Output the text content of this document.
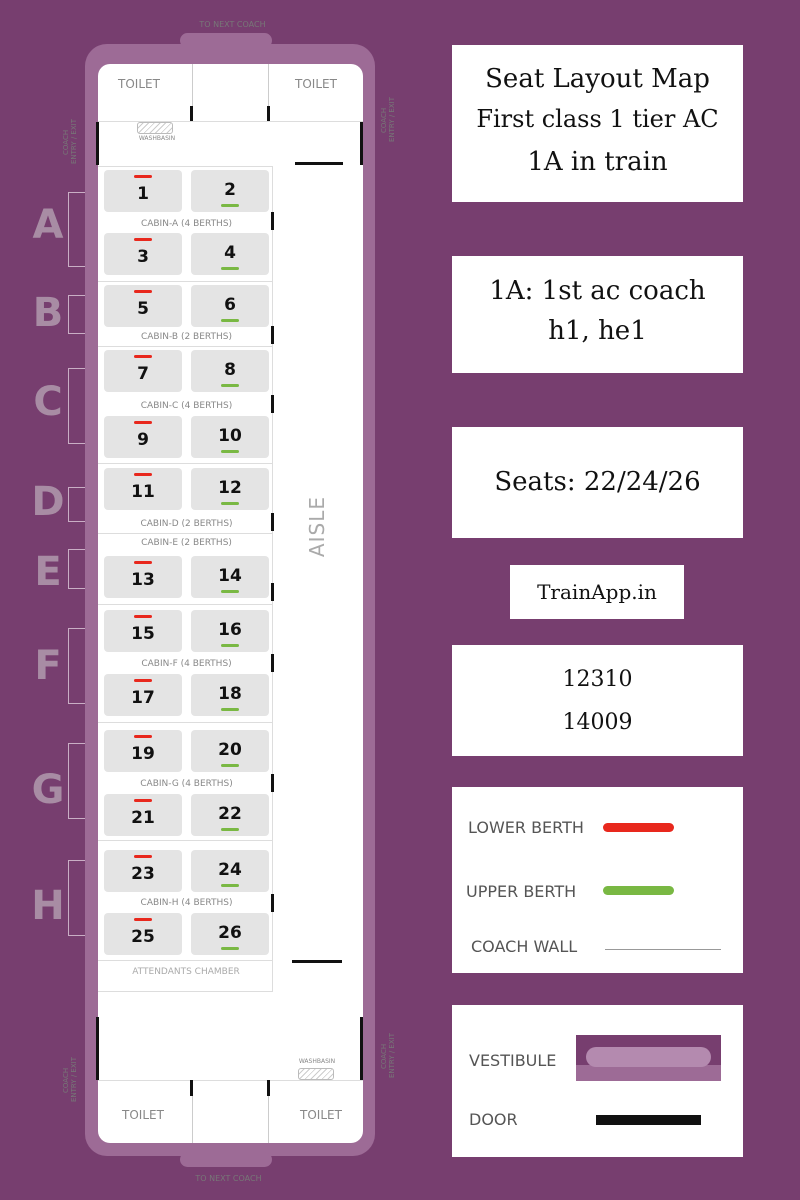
TO NEXT COACH
TO NEXT COACH
TOILET	TOILET
WASHBASIN
COACH ENTRY / EXIT	COACH ENTRY / EXIT
AISLE
A
B
C
D
E
F
G
H
CABIN-A (4 BERTHS)
CABIN-B (2 BERTHS)
CABIN-C (4 BERTHS)
CABIN-D (2 BERTHS)
CABIN-E (2 BERTHS)
CABIN-F (4 BERTHS)
CABIN-G (4 BERTHS)
CABIN-H (4 BERTHS)
1	2
3	4
5	6
7	8
9	10
11	12
13	14
15	16
17	18
19	20
21	22
23	24
25	26
ATTENDANTS CHAMBER
COACH ENTRY / EXIT
COACH ENTRY / EXIT
WASHBASIN
TOILET	TOILET
Seat Layout Map
First class 1 tier AC
1A in train
1A: 1st ac coach
h1, he1
Seats: 22/24/26
TrainApp.in
12310
14009
LOWER BERTH
UPPER BERTH
COACH WALL
VESTIBULE
DOOR
